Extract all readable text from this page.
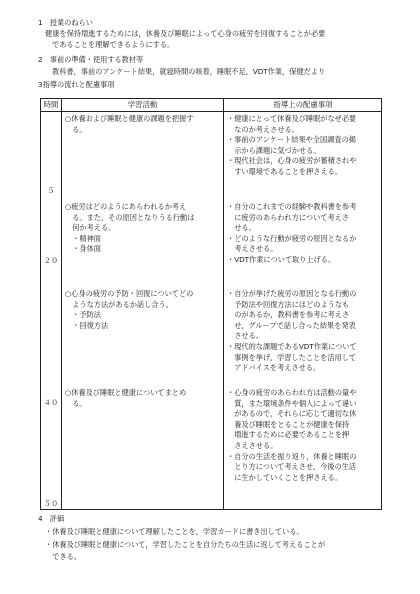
1　授業のねらい
健康を保持増進するためには，休養及び睡眠によって心身の疲労を回復することが必要
であることを理解できるようにする。
2　事前の準備・使用する教材等
教科書，事前のアンケート結果，就寝時間の咳着，睡眠不足，VDT作業，保健だより
3指導の流れと配慮事項
時間	学習活動	指導上の配慮事項
５
２０
４０
５０
○休養および睡眠と健康の課題を把握す
　る。
・健康にとって休養及び睡眠がなぜ必要
　なのか考えさせる。
・事前のアンケート結果や全国調査の掲
　示から課題に気づかせる。
・現代社会は，心身の疲労が蓄積されや
　すい環境であることを押さえる。
○疲労はどのようにあらわれるか考え
　る。また，その原因となりうる行動は
　何か考える。
　・精神面
　・身体面
・自分のこれまでの経験や教科書を参考
　に疲労のあらわれ方について考えさ
　せる。
・どのような行動が疲労の原因となるか
　考えさせる。
・VDT作業について取り上げる。
○心身の疲労の予防・回復についてどの
　ような方法があるか話し合う。
　・予防法
　・回復方法
・自分が挙げた疲労の原因となる行動の
　予防法や回復方法にはどのようなも
　のがあるか，教科書を参考に考えさ
　せ，グループで話し合った結果を発表
　させる。
・現代的な課題であるVDT作業について
　事例を挙げ，学習したことを活用して
　アドバイスを考えさせる。
○休養及び睡眠と健康についてまとめ
　る。
・心身の疲労のあらわれ方は活動の量や
　質，また環境条件や個人によって違い
　があるので，それらに応じて適切な休
　養及び睡眠をとることが健康を保持
　増進するために必要であることを押
　さえさせる。
・自分の生活を振り返り，休養と睡眠の
　とり方について考えさせ，今後の生活
　に生かしていくことを押さえる。
4　評価
・休養及び睡眠と健康について理解したことを，学習カードに書き出している。
・休養及び睡眠と健康について，学習したことを自分たちの生活に返して考えることが
　できる。
